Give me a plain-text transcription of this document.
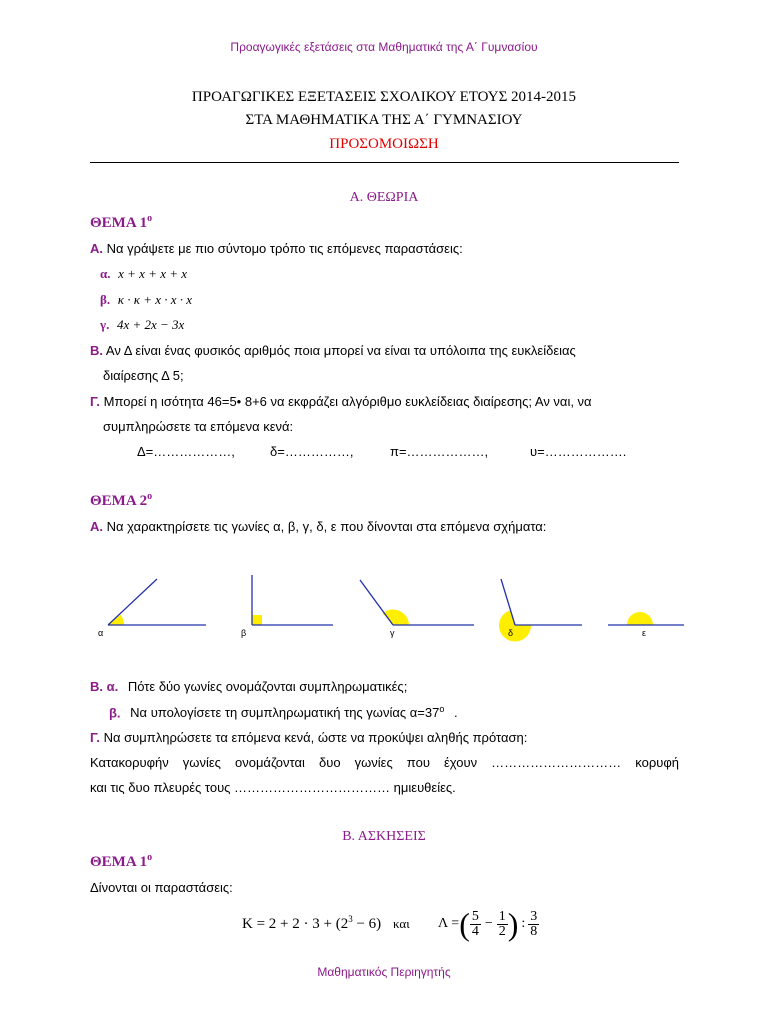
Προαγωγικές εξετάσεις στα Μαθηματικά της Α΄ Γυμνασίου
ΠΡΟΑΓΩΓΙΚΕΣ ΕΞΕΤΑΣΕΙΣ ΣΧΟΛΙΚΟΥ ΕΤΟΥΣ 2014-2015
ΣΤΑ ΜΑΘΗΜΑΤΙΚΑ ΤΗΣ Α΄ ΓΥΜΝΑΣΙΟΥ
ΠΡΟΣΟΜΟΙΩΣΗ
Α. ΘΕΩΡΙΑ
ΘΕΜΑ $1^o$
Α. Να γράψετε με πιο σύντομο τρόπο τις επόμενες παραστάσεις:
α. x + x + x + x
β. κ · κ + x · x · x
γ. 4x + 2x − 3x
Β. Αν Δ είναι ένας φυσικός αριθμός ποια μπορεί να είναι τα υπόλοιπα της ευκλείδειας
διαίρεσης Δ 5;
Γ. Μπορεί η ισότητα 46=5• 8+6 να εκφράζει αλγόριθμο ευκλείδειας διαίρεσης; Αν ναι, να
συμπληρώσετε τα επόμενα κενά:
Δ=………………,	δ=……………,	π=………………,	υ=……………….
ΘΕΜΑ $2^o$
Α. Να χαρακτηρίσετε τις γωνίες α, β, γ, δ, ε που δίνονται στα επόμενα σχήματα:
α	β	γ	δ	ε
Β. α. Πότε δύο γωνίες ονομάζονται συμπληρωματικές;
β. Να υπολογίσετε τη συμπληρωματική της γωνίας $\alpha=37^o$ .
Γ. Να συμπληρώσετε τα επόμενα κενά, ώστε να προκύψει αληθής πρόταση:
Κατακορυφήν γωνίες ονομάζονται δυο γωνίες που έχουν ………………………… κορυφή
και τις δυο πλευρές τους ……………………………… ημιευθείες.
Β. ΑΣΚΗΣΕΙΣ
ΘΕΜΑ $1^o$
Δίνονται οι παραστάσεις:
$K = 2 + 2 \cdot 3 + (2^3 - 6)$ και Λ = ( $\frac{5}{4} - \frac{1}{2}$ ) : $\frac{3}{8}$
Μαθηματικός Περιηγητής
